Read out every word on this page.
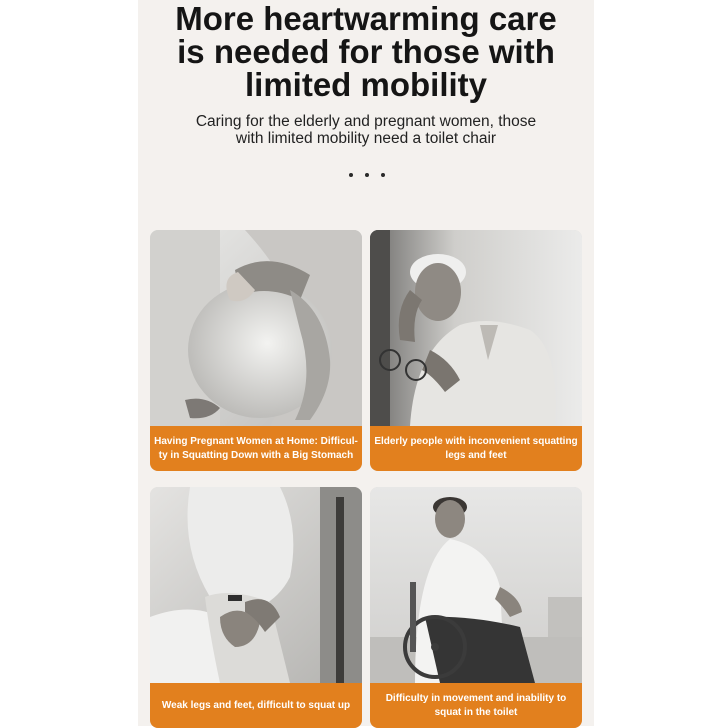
More heartwarming care
is needed for those with
limited mobility
Caring for the elderly and pregnant women, those
with limited mobility need a toilet chair
Having Pregnant Women at Home: Difficul-
ty in Squatting Down with a Big Stomach
Elderly people with inconvenient squatting
legs and feet
Weak legs and feet, difficult to squat up
Difficulty in movement and inability to
squat in the toilet
